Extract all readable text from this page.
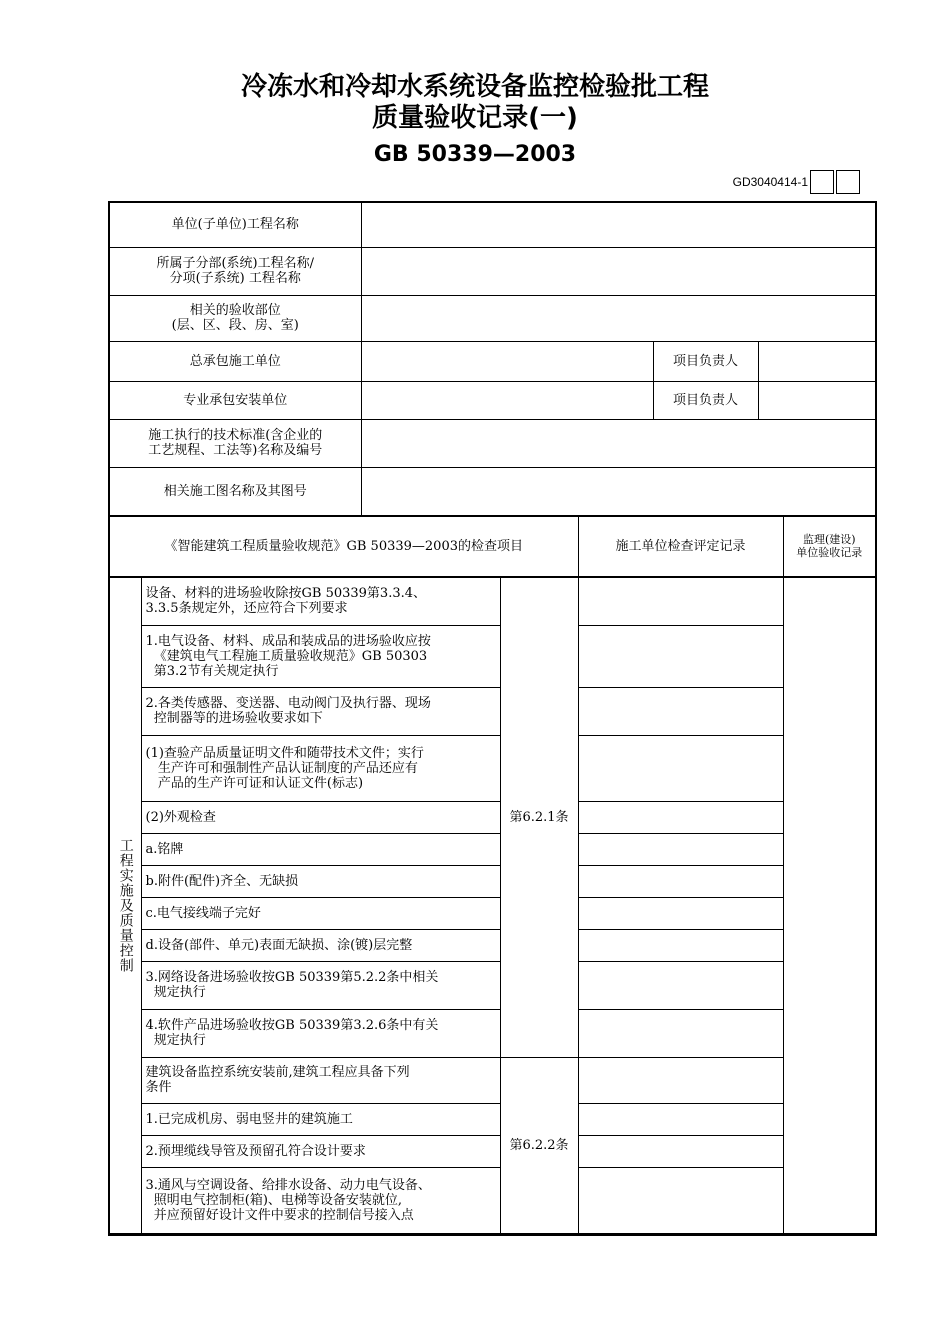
冷冻水和冷却水系统设备监控检验批工程
质量验收记录(一)
GB 50339—2003
GD3040414-1
单位(子单位)工程名称			
所属子分部(系统)工程名称/
分项(子系统) 工程名称			
相关的验收部位
(层、区、段、房、室)			
总承包施工单位		项目负责人	
专业承包安装单位		项目负责人	
施工执行的技术标准(含企业的
工艺规程、工法等)名称及编号			
相关施工图名称及其图号			
《智能建筑工程质量验收规范》GB 50339—2003的检查项目	施工单位检查评定记录	监理(建设)
单位验收记录
工程实施及质量控制	设备、材料的进场验收除按GB 50339第3.3.4、
3.3.5条规定外，还应符合下列要求	第6.2.1条		
	1.电气设备、材料、成品和装成品的进场验收应按
《建筑电气工程施工质量验收规范》GB 50303
第3.2节有关规定执行			
	2.各类传感器、变送器、电动阀门及执行器、现场
控制器等的进场验收要求如下			
	(1)查验产品质量证明文件和随带技术文件；实行
生产许可和强制性产品认证制度的产品还应有
产品的生产许可证和认证文件(标志)			
	(2)外观检查			
	a.铭牌			
	b.附件(配件)齐全、无缺损			
	c.电气接线端子完好			
	d.设备(部件、单元)表面无缺损、涂(镀)层完整			
	3.网络设备进场验收按GB 50339第5.2.2条中相关
规定执行			
	4.软件产品进场验收按GB 50339第3.2.6条中有关
规定执行			
	建筑设备监控系统安装前,建筑工程应具备下列
条件	第6.2.2条		
	1.已完成机房、弱电竖井的建筑施工			
	2.预埋缆线导管及预留孔符合设计要求			
	3.通风与空调设备、给排水设备、动力电气设备、
照明电气控制柜(箱)、电梯等设备安装就位,
并应预留好设计文件中要求的控制信号接入点			
